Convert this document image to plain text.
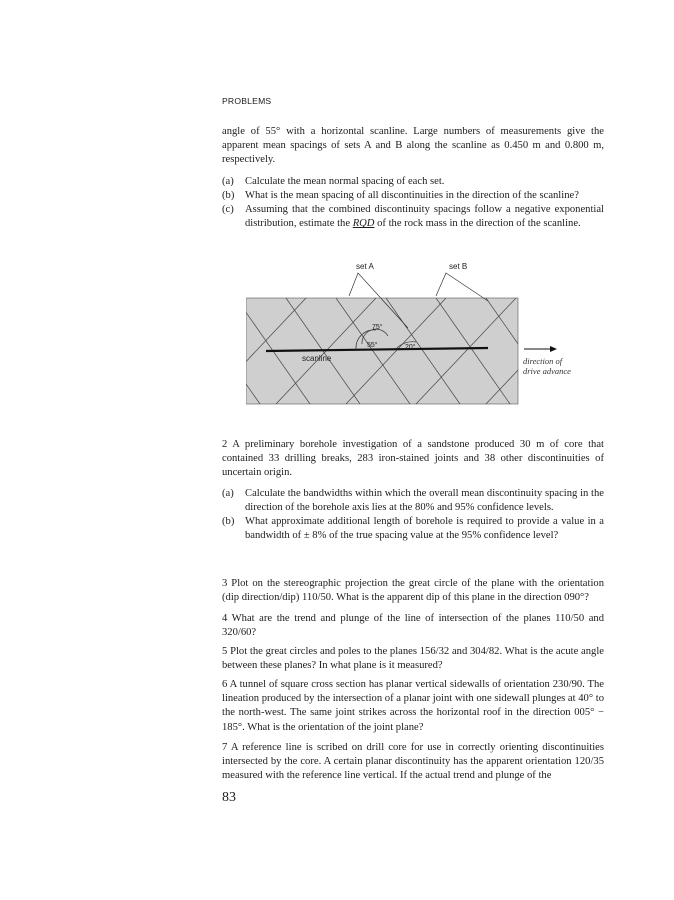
PROBLEMS

angle of 55° with a horizontal scanline. Large numbers of measurements give the apparent mean spacings of sets A and B along the scanline as 0.450 m and 0.800 m, respectively.

(a) Calculate the mean normal spacing of each set.
(b) What is the mean spacing of all discontinuities in the direction of the scanline?
(c) Assuming that the combined discontinuity spacings follow a negative exponential distribution, estimate the RQD of the rock mass in the direction of the scanline.
set A	set B
75°
55°	20°
scanline	direction of
drive advance

2 A preliminary borehole investigation of a sandstone produced 30 m of core that contained 33 drilling breaks, 283 iron-stained joints and 38 other discontinuities of uncertain origin.

(a) Calculate the bandwidths within which the overall mean discontinuity spacing in the direction of the borehole axis lies at the 80% and 95% confidence levels.
(b) What approximate additional length of borehole is required to provide a value in a bandwidth of ± 8% of the true spacing value at the 95% confidence level?

3 Plot on the stereographic projection the great circle of the plane with the orientation (dip direction/dip) 110/50. What is the apparent dip of this plane in the direction 090°?

4 What are the trend and plunge of the line of intersection of the planes 110/50 and 320/60?

5 Plot the great circles and poles to the planes 156/32 and 304/82. What is the acute angle between these planes? In what plane is it measured?

6 A tunnel of square cross section has planar vertical sidewalls of orientation 230/90. The lineation produced by the intersection of a planar joint with one sidewall plunges at 40° to the north-west. The same joint strikes across the horizontal roof in the direction 005° − 185°. What is the orientation of the joint plane?

7 A reference line is scribed on drill core for use in correctly orienting discontinuities intersected by the core. A certain planar discontinuity has the apparent orientation 120/35 measured with the reference line vertical. If the actual trend and plunge of the

83
